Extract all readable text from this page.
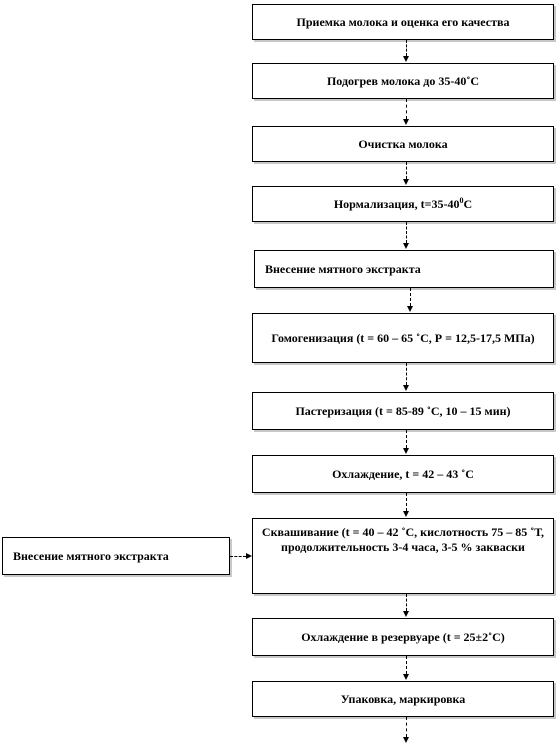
Приемка молока и оценка его качества
Подогрев молока до 35-40˚С
Очистка молока
Нормализация, $t=35-40^0С$
Внесение мятного экстракта
Гомогенизация (t = 60 – 65 ˚С, Р = 12,5-17,5 МПа)
Пастеризация (t = 85-89 ˚С, 10 – 15 мин)
Охлаждение, t = 42 – 43 ˚С
Сквашивание (t = 40 – 42 ˚С, кислотность 75 – 85 ˚Т, продолжительность 3-4 часа, 3-5 % закваски
Охлаждение в резервуаре (t = 25±2˚С)
Упаковка, маркировка
Внесение мятного экстракта
